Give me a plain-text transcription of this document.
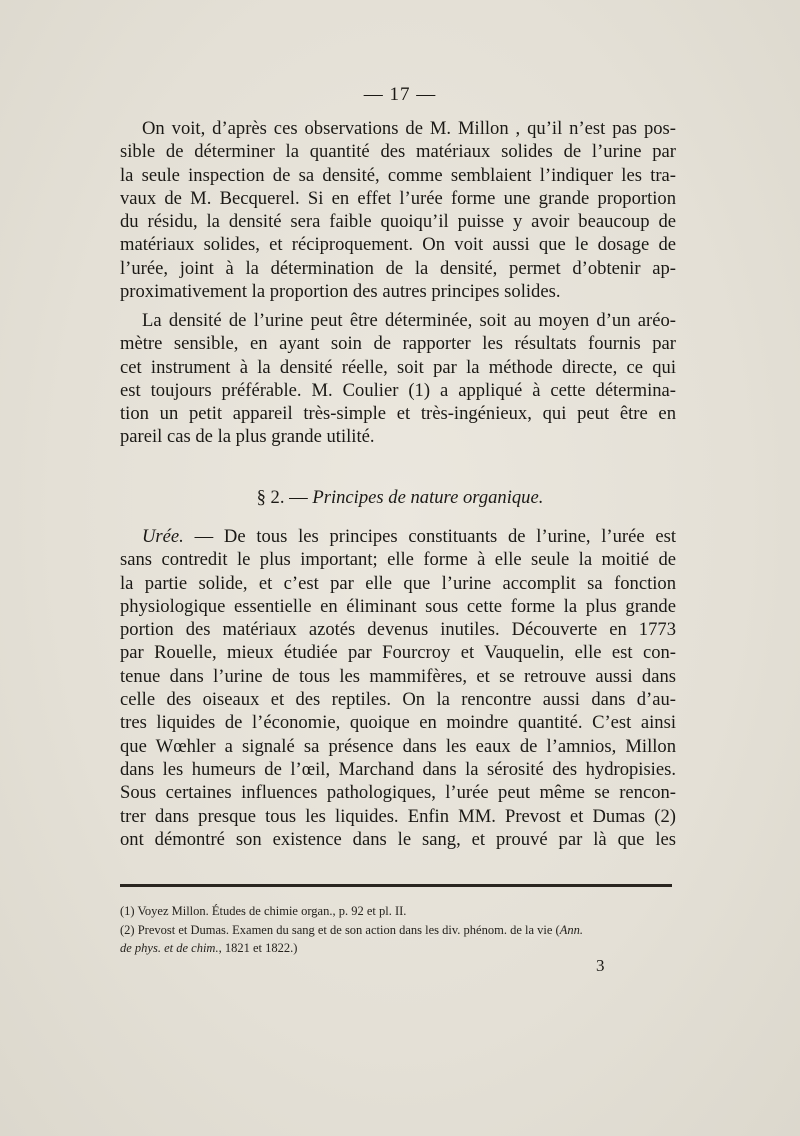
— 17 —
On voit, d’après ces observations de M. Millon , qu’il n’est pas pos-
sible de déterminer la quantité des matériaux solides de l’urine par
la seule inspection de sa densité, comme semblaient l’indiquer les tra-
vaux de M. Becquerel. Si en effet l’urée forme une grande proportion
du résidu, la densité sera faible quoiqu’il puisse y avoir beaucoup de
matériaux solides, et réciproquement. On voit aussi que le dosage de
l’urée, joint à la détermination de la densité, permet d’obtenir ap-
proximativement la proportion des autres principes solides.
La densité de l’urine peut être déterminée, soit au moyen d’un aréo-
mètre sensible, en ayant soin de rapporter les résultats fournis par
cet instrument à la densité réelle, soit par la méthode directe, ce qui
est toujours préférable. M. Coulier (1) a appliqué à cette détermina-
tion un petit appareil très-simple et très-ingénieux, qui peut être en
pareil cas de la plus grande utilité.
§ 2. — Principes de nature organique.
Urée. — De tous les principes constituants de l’urine, l’urée est
sans contredit le plus important; elle forme à elle seule la moitié de
la partie solide, et c’est par elle que l’urine accomplit sa fonction
physiologique essentielle en éliminant sous cette forme la plus grande
portion des matériaux azotés devenus inutiles. Découverte en 1773
par Rouelle, mieux étudiée par Fourcroy et Vauquelin, elle est con-
tenue dans l’urine de tous les mammifères, et se retrouve aussi dans
celle des oiseaux et des reptiles. On la rencontre aussi dans d’au-
tres liquides de l’économie, quoique en moindre quantité. C’est ainsi
que Wœhler a signalé sa présence dans les eaux de l’amnios, Millon
dans les humeurs de l’œil, Marchand dans la sérosité des hydropisies.
Sous certaines influences pathologiques, l’urée peut même se rencon-
trer dans presque tous les liquides. Enfin MM. Prevost et Dumas (2)
ont démontré son existence dans le sang, et prouvé par là que les
(1) Voyez Millon. Études de chimie organ., p. 92 et pl. II.
(2) Prevost et Dumas. Examen du sang et de son action dans les div. phénom. de la vie (Ann.
de phys. et de chim., 1821 et 1822.)
3
